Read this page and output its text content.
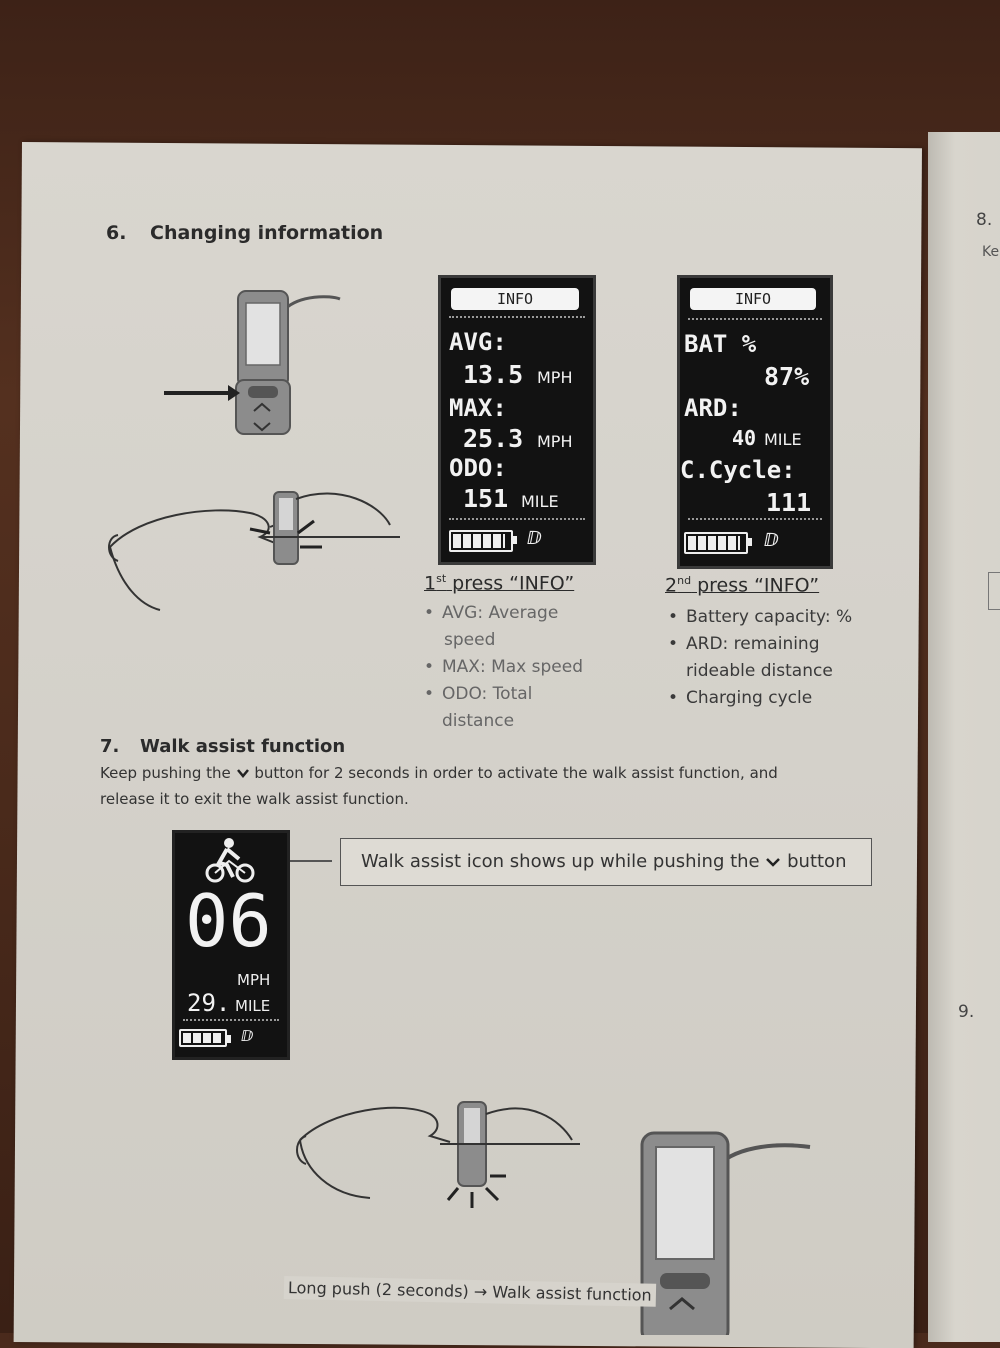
8.
Ke
9.
6. Changing information
INFO
AVG:
13.5 MPH
MAX:
25.3 MPH
ODO:
151 MILE
ⅅ
INFO
BAT %
87%
ARD:
40 MILE
C.Cycle:
111
ⅅ
1st press “INFO”
• AVG: Average
speed
• MAX: Max speed
• ODO: Total
distance
2nd press “INFO”
• Battery capacity: %
• ARD: remaining
rideable distance
• Charging cycle
7. Walk assist function
Keep pushing the button for 2 seconds in order to activate the walk assist function, and
release it to exit the walk assist function.
06
MPH
29. MILE
ⅅ
Walk assist icon shows up while pushing the button
Long push (2 seconds) → Walk assist function
